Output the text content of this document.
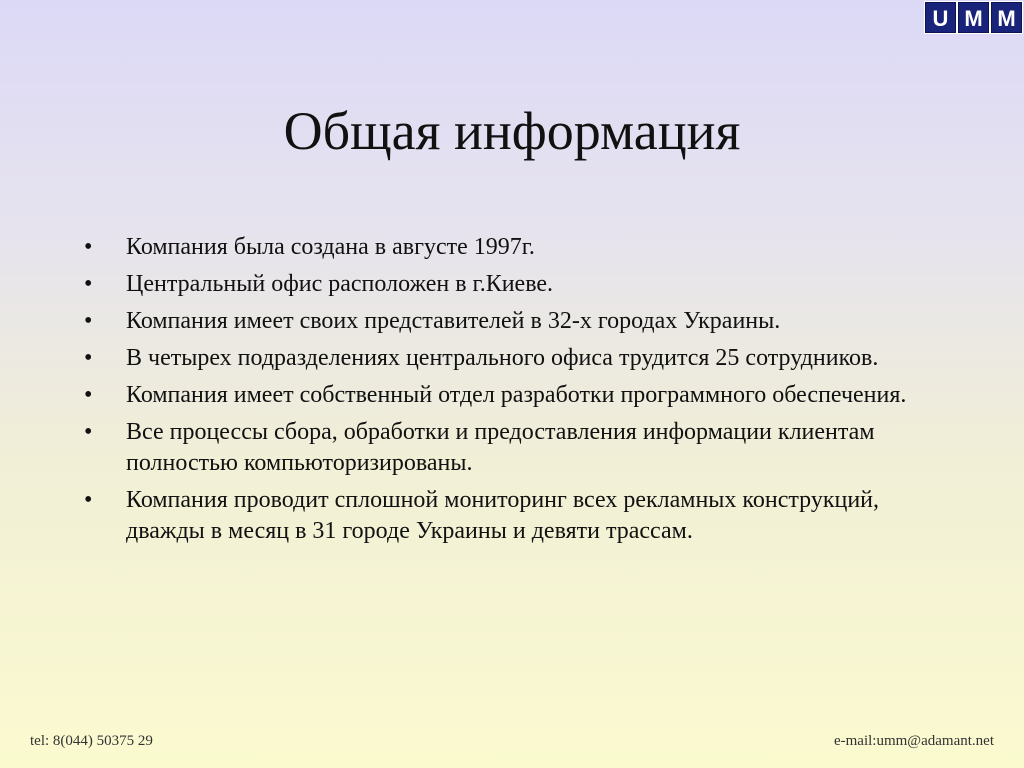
U M M
Общая информация
• Компания была создана в августе 1997г.
• Центральный офис расположен в г.Киеве.
• Компания имеет своих представителей в 32-х городах Украины.
• В четырех подразделениях центрального офиса трудится 25 сотрудников.
• Компания имеет собственный отдел разработки программного обеспечения.
• Все процессы сбора, обработки и предоставления информации клиентам полностью компьюторизированы.
• Компания проводит сплошной мониторинг всех рекламных конструкций, дважды в месяц в 31 городе Украины и девяти трассам.
tel: 8(044) 50375 29	e-mail:umm@adamant.net
